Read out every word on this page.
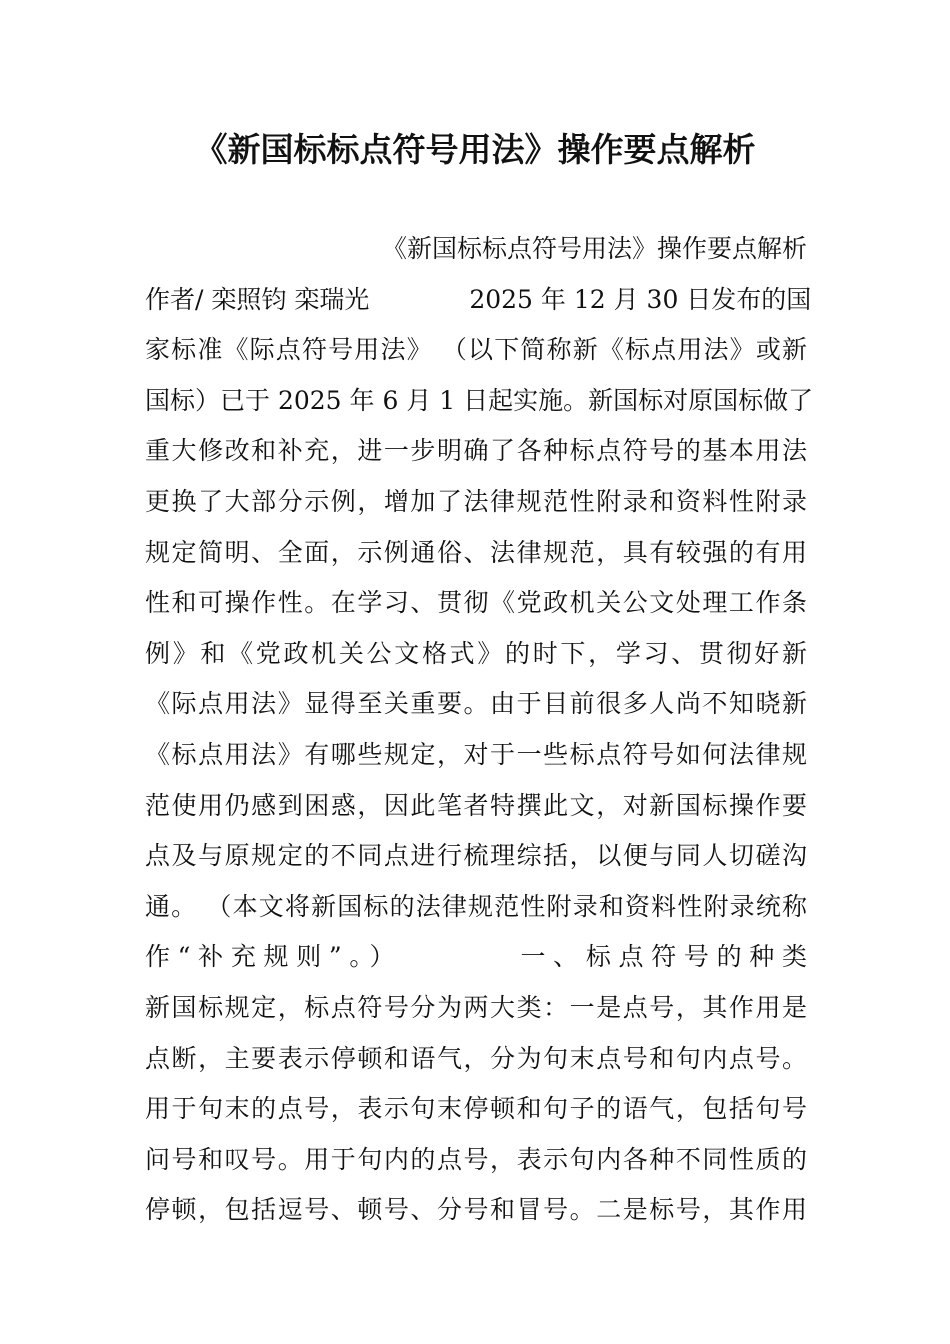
《新国标标点符号用法》操作要点解析
《新国标标点符号用法》操作要点解析
作者/ 栾照钧 栾瑞光　　　　2025 年 12 月 30 日发布的国
家标准《际点符号用法》 （以下简称新《标点用法》或新
国标）已于 2025 年 6 月 1 日起实施。新国标对原国标做了
重大修改和补充，进一步明确了各种标点符号的基本用法
更换了大部分示例，增加了法律规范性附录和资料性附录
规定简明、全面，示例通俗、法律规范，具有较强的有用
性和可操作性。在学习、贯彻《党政机关公文处理工作条
例》和《党政机关公文格式》的时下，学习、贯彻好新
《际点用法》显得至关重要。由于目前很多人尚不知晓新
《标点用法》有哪些规定，对于一些标点符号如何法律规
范使用仍感到困惑，因此笔者特撰此文，对新国标操作要
点及与原规定的不同点进行梳理综括，以便与同人切磋沟
通。 （本文将新国标的法律规范性附录和资料性附录统称
作“补充规则”。）　　　　一、标点符号的种类
新国标规定，标点符号分为两大类：一是点号，其作用是
点断，主要表示停顿和语气，分为句末点号和句内点号。
用于句末的点号，表示句末停顿和句子的语气，包括句号
问号和叹号。用于句内的点号，表示句内各种不同性质的
停顿，包括逗号、顿号、分号和冒号。二是标号，其作用
